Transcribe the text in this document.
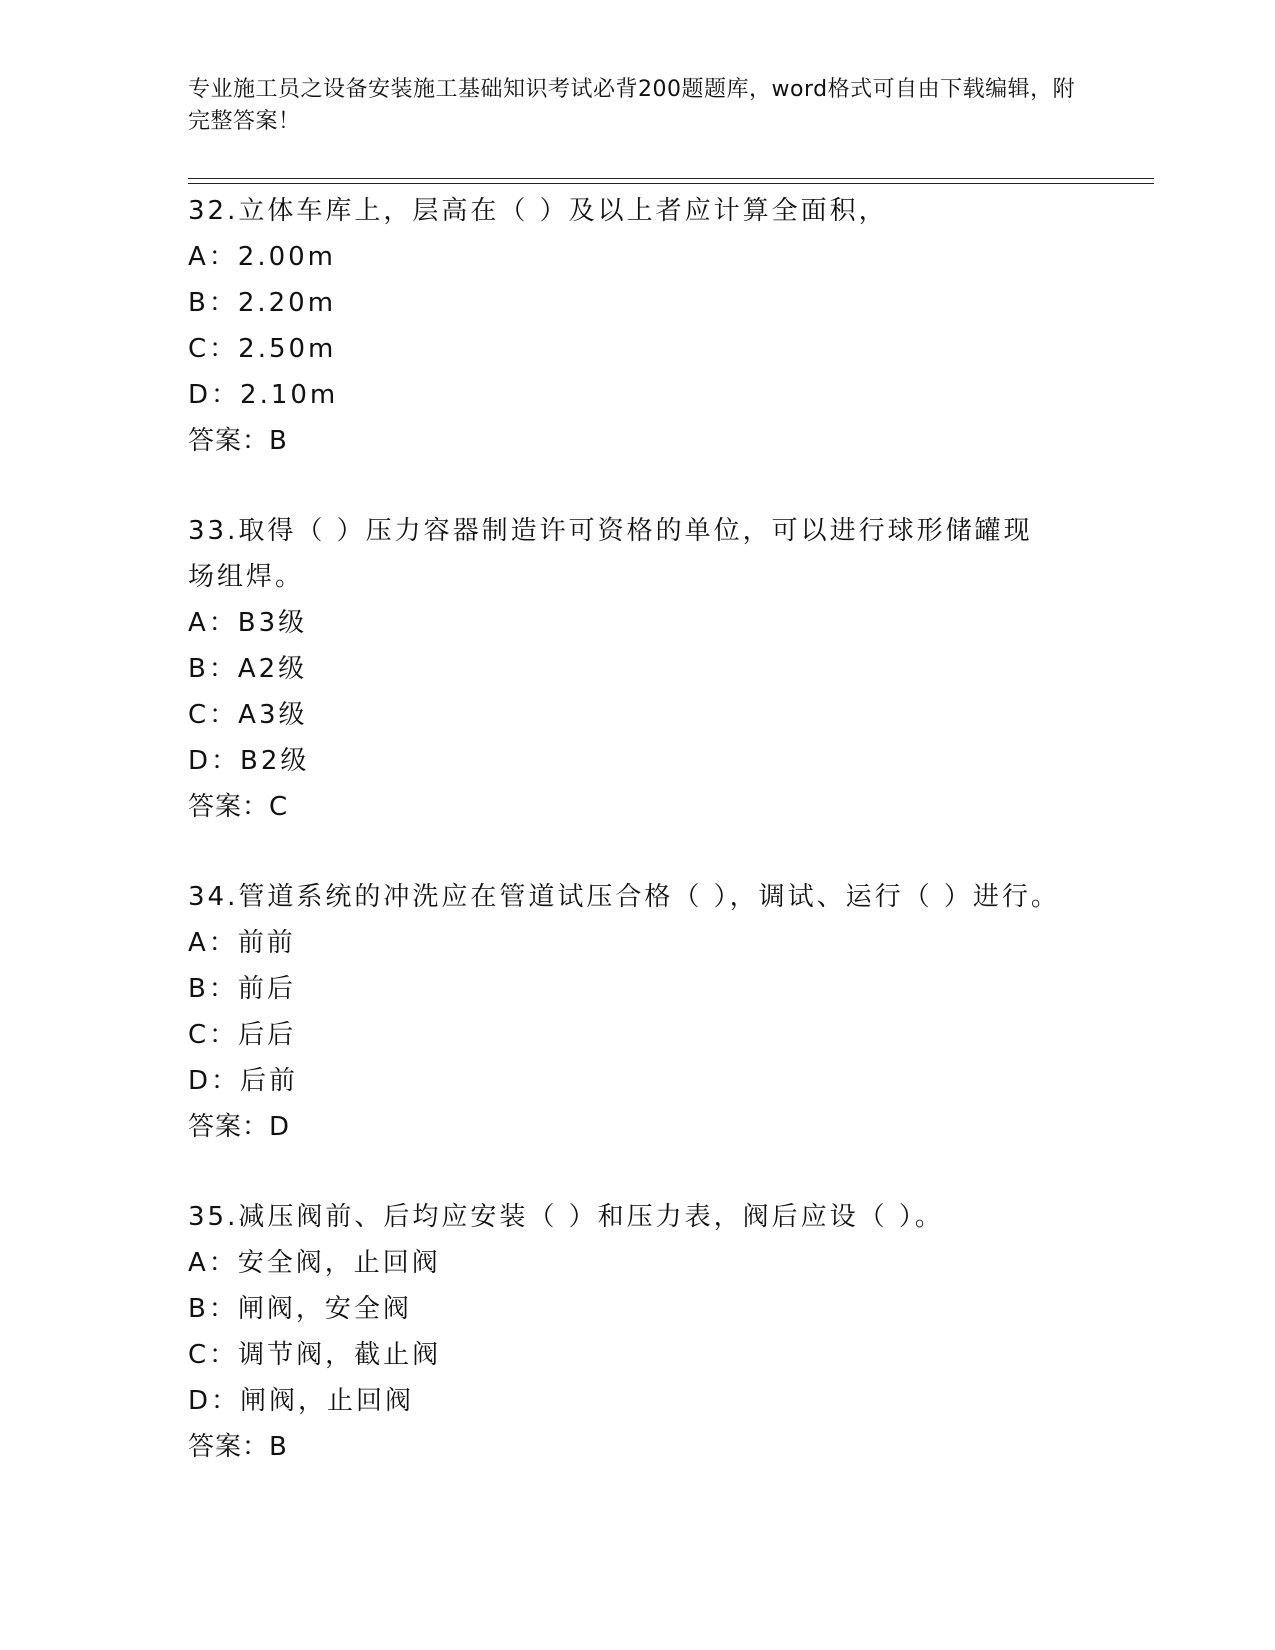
专业施工员之设备安装施工基础知识考试必背200题题库，word格式可自由下载编辑，附完整答案！
32.立体车库上，层高在（ ）及以上者应计算全面积，
A：2.00m
B：2.20m
C：2.50m
D：2.10m
答案：B
33.取得（ ）压力容器制造许可资格的单位，可以进行球形储罐现场组焊。
A：B3级
B：A2级
C：A3级
D：B2级
答案：C
34.管道系统的冲洗应在管道试压合格（ ），调试、运行（ ）进行。
A：前前
B：前后
C：后后
D：后前
答案：D
35.减压阀前、后均应安装（ ）和压力表，阀后应设（ ）。
A：安全阀，止回阀
B：闸阀，安全阀
C：调节阀，截止阀
D：闸阀，止回阀
答案：B
